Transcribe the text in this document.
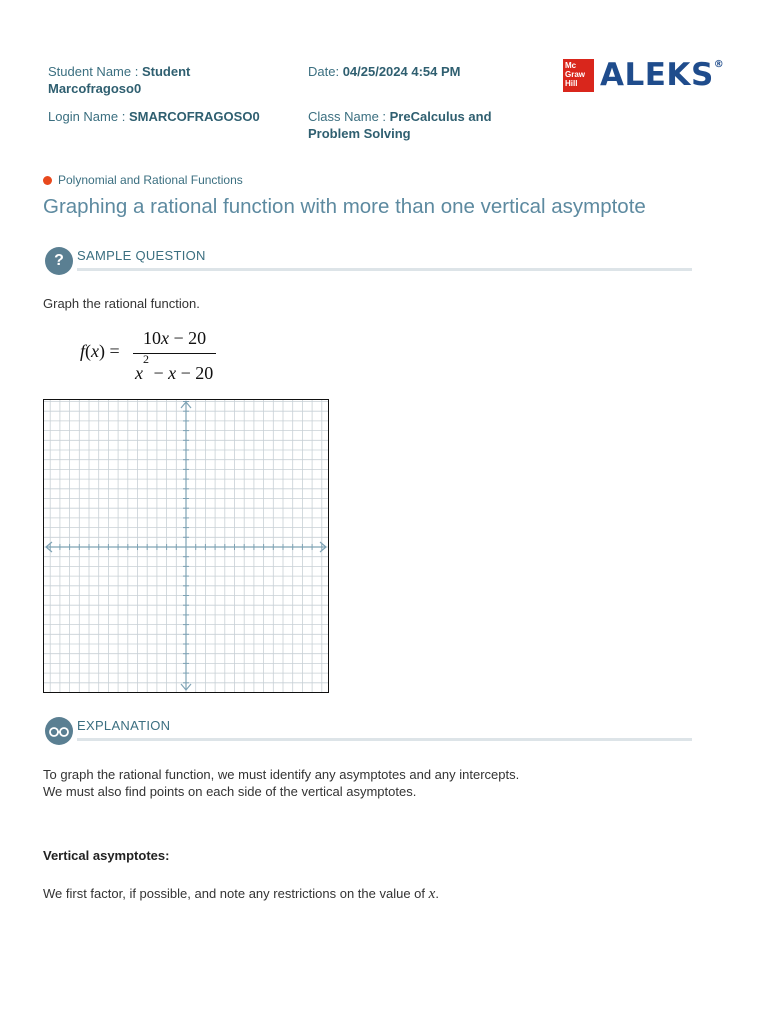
Student Name : Student Marcofragoso0
Login Name : SMARCOFRAGOSO0
Date: 04/25/2024 4:54 PM
Class Name : PreCalculus and Problem Solving
Mc
Graw
Hill ALEKS®
Polynomial and Rational Functions
Graphing a rational function with more than one vertical asymptote
?	SAMPLE QUESTION
Graph the rational function.
f(x) =
10x − 20
$x^2 - x - 20$
EXPLANATION
To graph the rational function, we must identify any asymptotes and any intercepts.
We must also find points on each side of the vertical asymptotes.
Vertical asymptotes:
We first factor, if possible, and note any restrictions on the value of x.
